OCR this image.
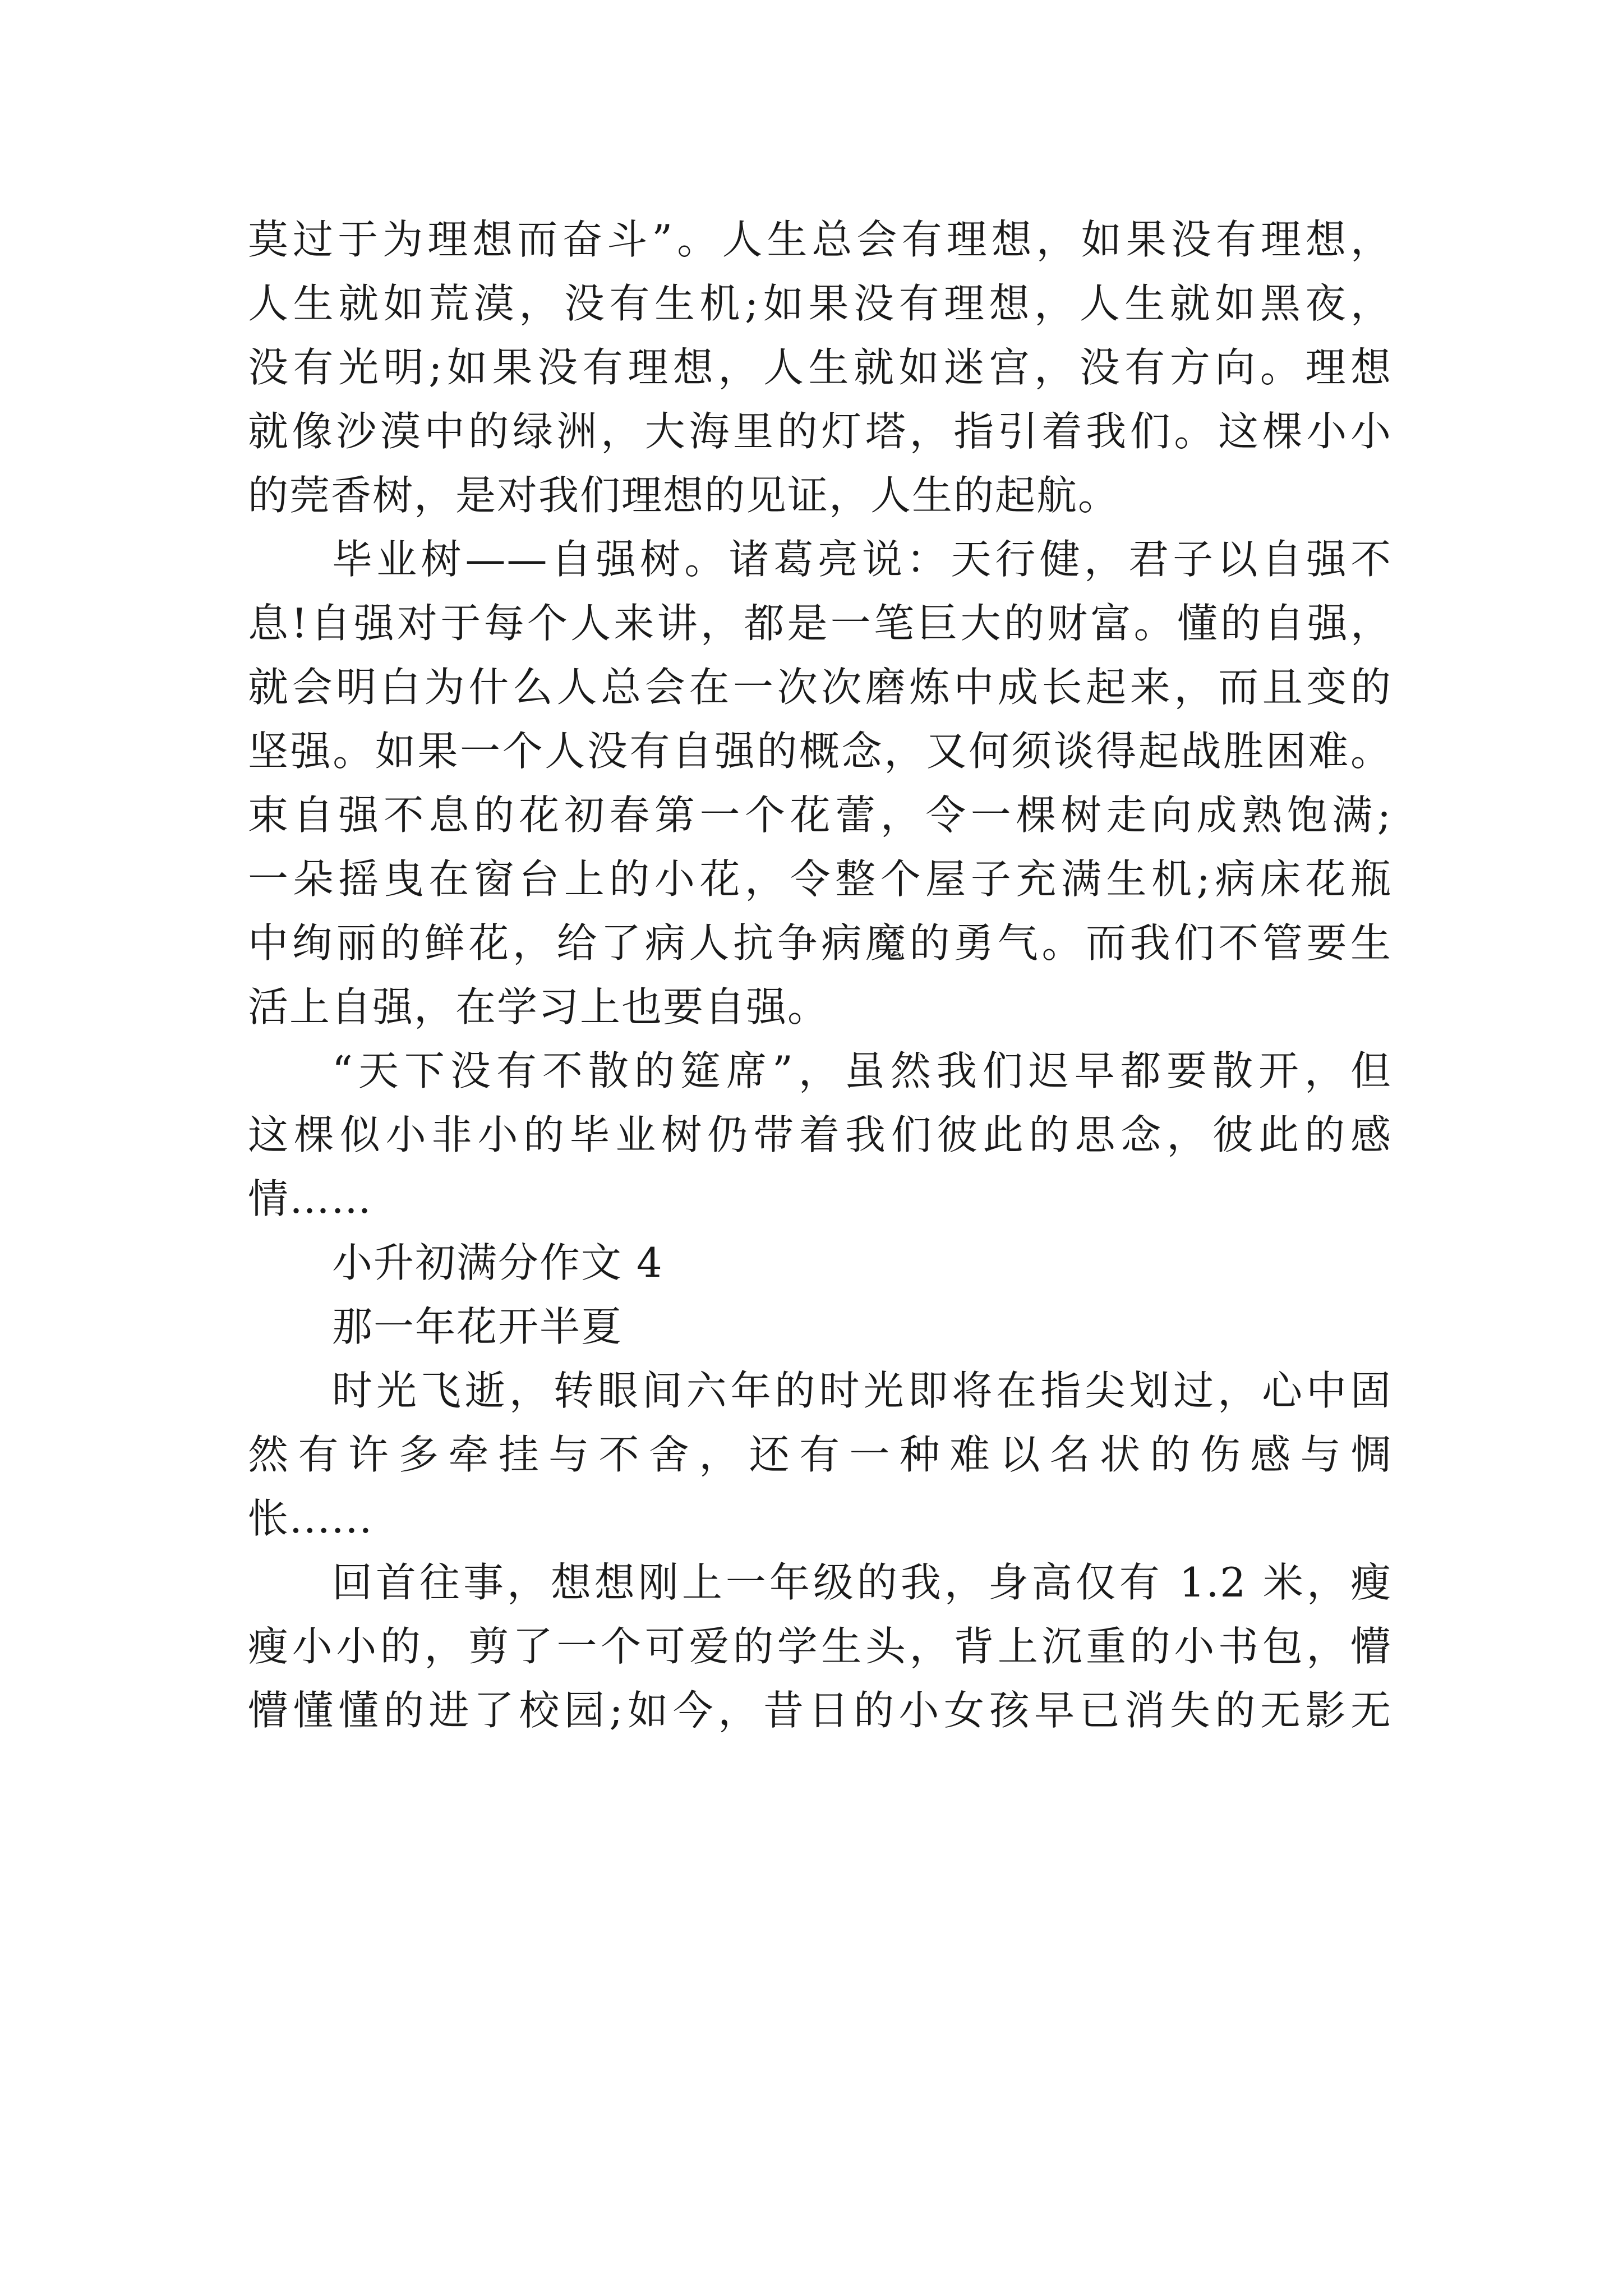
莫过于为理想而奋斗”。人生总会有理想，如果没有理想，
人生就如荒漠，没有生机;如果没有理想，人生就如黑夜，
没有光明;如果没有理想，人生就如迷宫，没有方向。理想
就像沙漠中的绿洲，大海里的灯塔，指引着我们。这棵小小
的莞香树，是对我们理想的见证，人生的起航。
毕业树——自强树。诸葛亮说：天行健，君子以自强不
息!自强对于每个人来讲，都是一笔巨大的财富。懂的自强，
就会明白为什么人总会在一次次磨炼中成长起来，而且变的
坚强。如果一个人没有自强的概念，又何须谈得起战胜困难。
束自强不息的花初春第一个花蕾，令一棵树走向成熟饱满;
一朵摇曳在窗台上的小花，令整个屋子充满生机;病床花瓶
中绚丽的鲜花，给了病人抗争病魔的勇气。而我们不管要生
活上自强，在学习上也要自强。
“天下没有不散的筵席”，虽然我们迟早都要散开，但
这棵似小非小的毕业树仍带着我们彼此的思念，彼此的感
情……
小升初满分作文 4
那一年花开半夏
时光飞逝，转眼间六年的时光即将在指尖划过，心中固
然有许多牵挂与不舍，还有一种难以名状的伤感与惆
怅......
回首往事，想想刚上一年级的我，身高仅有 1.2 米，瘦
瘦小小的，剪了一个可爱的学生头，背上沉重的小书包，懵
懵懂懂的进了校园;如今，昔日的小女孩早已消失的无影无
